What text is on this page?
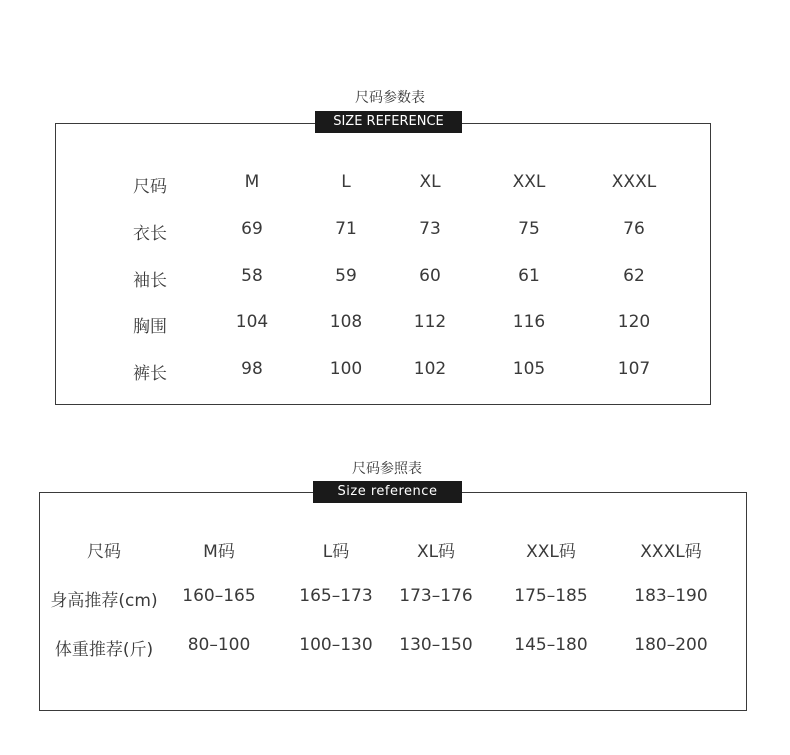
尺码参数表
SIZE REFERENCE
尺码	M	L	XL	XXL	XXXL
衣长	69	71	73	75	76
袖长	58	59	60	61	62
胸围	104	108	112	116	120
裤长	98	100	102	105	107
尺码参照表
Size reference
尺码	M码	L码	XL码	XXL码	XXXL码
身高推荐(cm) 160–165	165–173 173–176 175–185	183–190
体重推荐(斤) 80–100	100–130 130–150 145–180	180–200
